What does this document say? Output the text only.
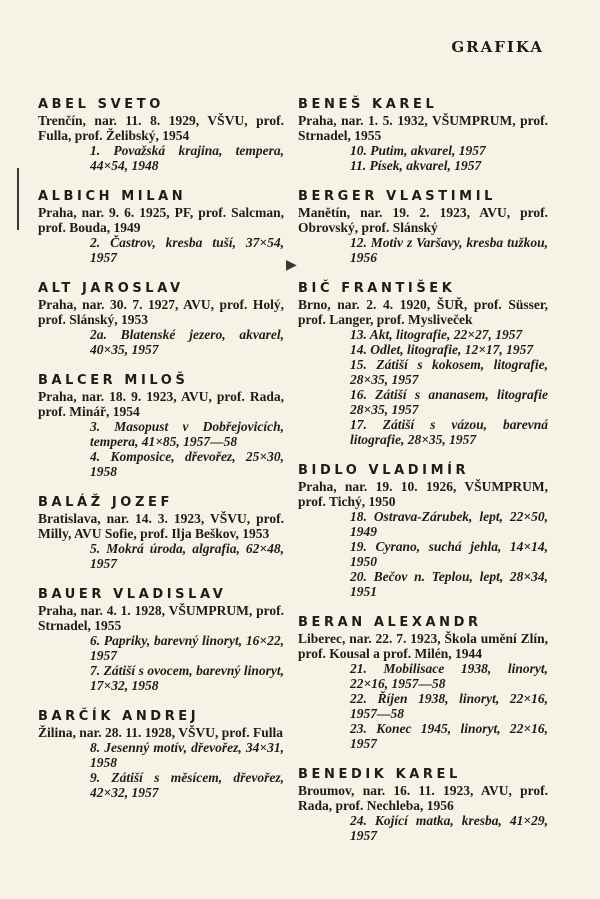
GRAFIKA
▶
ABEL SVETO
Trenčín, nar. 11. 8. 1929, VŠVU, prof. Fulla, prof. Želibský, 1954
1. Považská krajina, tempera, 44×54, 1948
ALBICH MILAN
Praha, nar. 9. 6. 1925, PF, prof. Salcman, prof. Bouda, 1949
2. Častrov, kresba tuší, 37×54, 1957
ALT JAROSLAV
Praha, nar. 30. 7. 1927, AVU, prof. Holý, prof. Slánský, 1953
2a. Blatenské jezero, akvarel, 40×35, 1957
BALCER MILOŠ
Praha, nar. 18. 9. 1923, AVU, prof. Rada, prof. Minář, 1954
3. Masopust v Dobřejovicích, tempera, 41×85, 1957—58
4. Komposice, dřevořez, 25×30, 1958
BALÁŽ JOZEF
Bratislava, nar. 14. 3. 1923, VŠVU, prof. Milly, AVU Sofie, prof. Ilja Beškov, 1953
5. Mokrá úroda, algrafia, 62×48, 1957
BAUER VLADISLAV
Praha, nar. 4. 1. 1928, VŠUMPRUM, prof. Strnadel, 1955
6. Papriky, barevný linoryt, 16×22, 1957
7. Zátiší s ovocem, barevný linoryt, 17×32, 1958
BARČÍK ANDREJ
Žilina, nar. 28. 11. 1928, VŠVU, prof. Fulla
8. Jesenný motív, dřevořez, 34×31, 1958
9. Zátiší s měsícem, dřevořez, 42×32, 1957
BENEŠ KAREL
Praha, nar. 1. 5. 1932, VŠUMPRUM, prof. Strnadel, 1955
10. Putim, akvarel, 1957
11. Písek, akvarel, 1957
BERGER VLASTIMIL
Manětín, nar. 19. 2. 1923, AVU, prof. Obrovský, prof. Slánský
12. Motiv z Varšavy, kresba tužkou, 1956
BIČ FRANTIŠEK
Brno, nar. 2. 4. 1920, ŠUŘ, prof. Süsser, prof. Langer, prof. Mysliveček
13. Akt, litografie, 22×27, 1957
14. Odlet, litografie, 12×17, 1957
15. Zátiší s kokosem, litografie, 28×35, 1957
16. Zátiší s ananasem, litografie 28×35, 1957
17. Zátiší s vázou, barevná litografie, 28×35, 1957
BIDLO VLADIMÍR
Praha, nar. 19. 10. 1926, VŠUMPRUM, prof. Tichý, 1950
18. Ostrava-Zárubek, lept, 22×50, 1949
19. Cyrano, suchá jehla, 14×14, 1950
20. Bečov n. Teplou, lept, 28×34, 1951
BERAN ALEXANDR
Liberec, nar. 22. 7. 1923, Škola umění Zlín, prof. Kousal a prof. Milén, 1944
21. Mobilisace 1938, linoryt, 22×16, 1957—58
22. Říjen 1938, linoryt, 22×16, 1957—58
23. Konec 1945, linoryt, 22×16, 1957
BENEDIK KAREL
Broumov, nar. 16. 11. 1923, AVU, prof. Rada, prof. Nechleba, 1956
24. Kojící matka, kresba, 41×29, 1957
